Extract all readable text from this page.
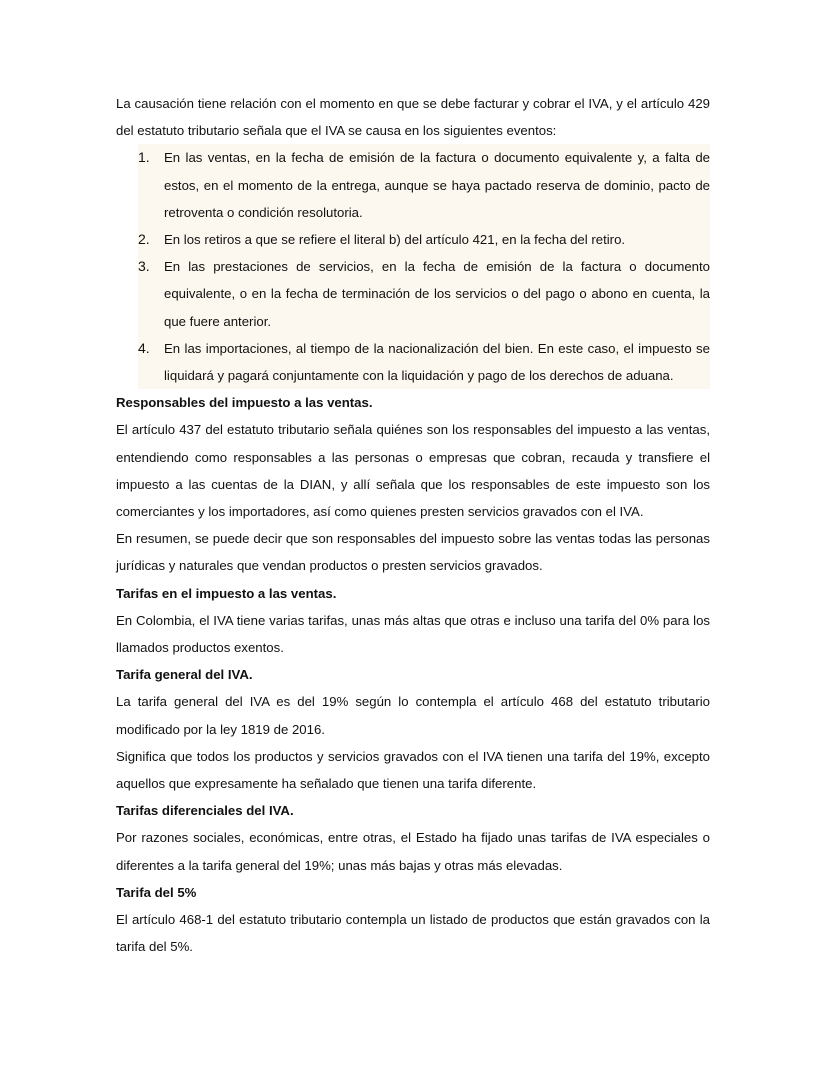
La causación tiene relación con el momento en que se debe facturar y cobrar el IVA, y el artículo 429 del estatuto tributario señala que el IVA se causa en los siguientes eventos:

1. En las ventas, en la fecha de emisión de la factura o documento equivalente y, a falta de estos, en el momento de la entrega, aunque se haya pactado reserva de dominio, pacto de retroventa o condición resolutoria.
2. En los retiros a que se refiere el literal b) del artículo 421, en la fecha del retiro.
3. En las prestaciones de servicios, en la fecha de emisión de la factura o documento equivalente, o en la fecha de terminación de los servicios o del pago o abono en cuenta, la que fuere anterior.
4. En las importaciones, al tiempo de la nacionalización del bien. En este caso, el impuesto se liquidará y pagará conjuntamente con la liquidación y pago de los derechos de aduana.

Responsables del impuesto a las ventas.

El artículo 437 del estatuto tributario señala quiénes son los responsables del impuesto a las ventas, entendiendo como responsables a las personas o empresas que cobran, recauda y transfiere el impuesto a las cuentas de la DIAN, y allí señala que los responsables de este impuesto son los comerciantes y los importadores, así como quienes presten servicios gravados con el IVA.

En resumen, se puede decir que son responsables del impuesto sobre las ventas todas las personas jurídicas y naturales que vendan productos o presten servicios gravados.

Tarifas en el impuesto a las ventas.

En Colombia, el IVA tiene varias tarifas, unas más altas que otras e incluso una tarifa del 0% para los llamados productos exentos.

Tarifa general del IVA.

La tarifa general del IVA es del 19% según lo contempla el artículo 468 del estatuto tributario modificado por la ley 1819 de 2016.

Significa que todos los productos y servicios gravados con el IVA tienen una tarifa del 19%, excepto aquellos que expresamente ha señalado que tienen una tarifa diferente.

Tarifas diferenciales del IVA.

Por razones sociales, económicas, entre otras, el Estado ha fijado unas tarifas de IVA especiales o diferentes a la tarifa general del 19%; unas más bajas y otras más elevadas.

Tarifa del 5%

El artículo 468-1 del estatuto tributario contempla un listado de productos que están gravados con la tarifa del 5%.
